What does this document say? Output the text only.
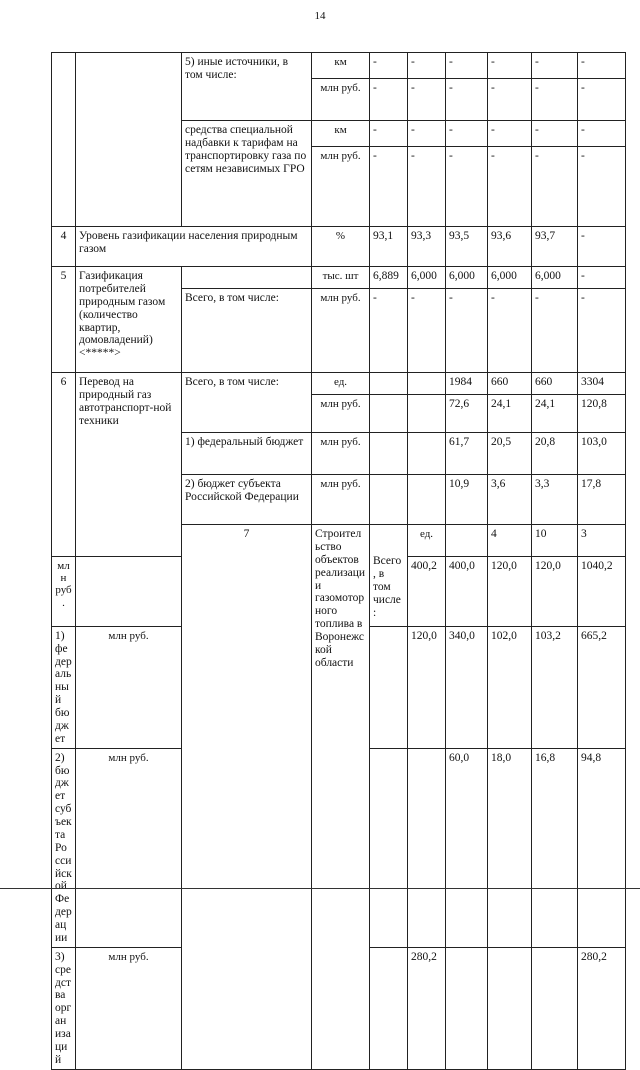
14
		5) иные источники, в том числе:	км	-	-	-	-	-	-	
			млн руб.	-	-	-	-	-	-	
		средства специальной надбавки к тарифам на транспортировку газа по сетям независимых ГРО	км	-	-	-	-	-	-	
			млн руб.	-	-	-	-	-	-	
4	Уровень газификации населения природным газом		%	93,1	93,3	93,5	93,6	93,7	-	
5	Газификация потребителей природным газом (количество квартир, домовладений) <*****>		тыс. шт	6,889	6,000	6,000	6,000	6,000	-	
		Всего, в том числе:	млн руб.	-	-	-	-	-	-	
6	Перевод на природный газ автотранспорт-ной техники	Всего, в том числе:	ед.			1984	660	660	3304	
			млн руб.			72,6	24,1	24,1	120,8	
		1) федеральный бюджет	млн руб.			61,7	20,5	20,8	103,0	
		2) бюджет субъекта Российской Федерации	млн руб.			10,9	3,6	3,3	17,8	
		7	Строительство объектов реализации газомоторного топлива в Воронежской области	Всего, в том числе:	ед.		4	10	3		
млн руб.					400,2	400,0	120,0	120,0	1040,2	
1) федеральный бюджет	млн руб.				120,0	340,0	102,0	103,2	665,2	
2) бюджет субъекта Российской Федерации	млн руб.					60,0	18,0	16,8	94,8	
3) средства организаций	млн руб.				280,2				280,2	
